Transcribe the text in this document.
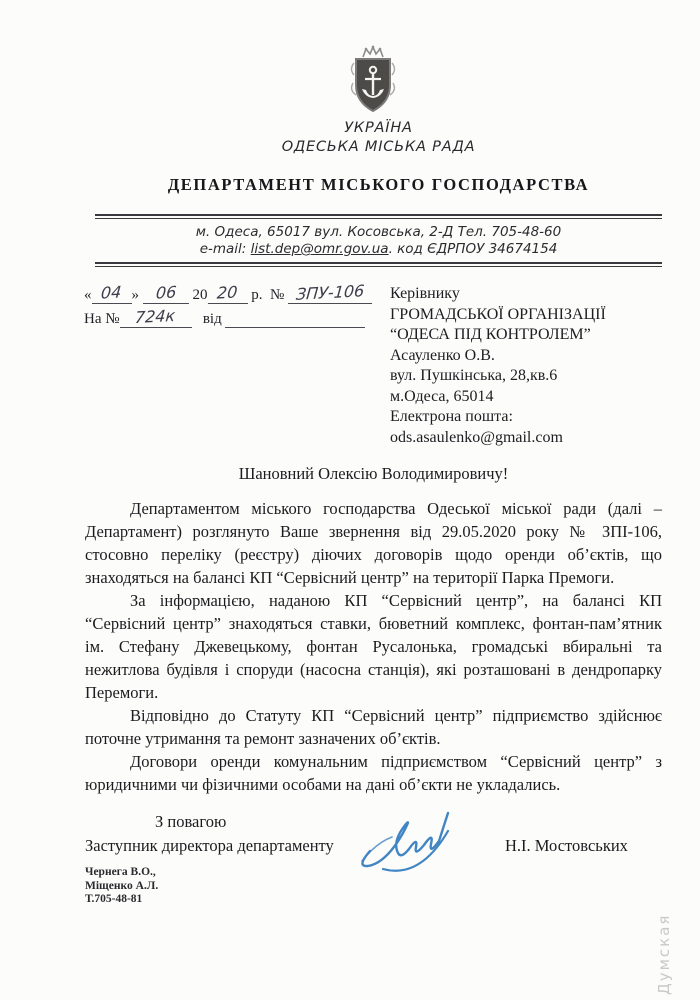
УКРАЇНА
ОДЕСЬКА МІСЬКА РАДА
ДЕПАРТАМЕНТ МІСЬКОГО ГОСПОДАРСТВА
м. Одеса, 65017 вул. Косовська, 2-Д Тел. 705-48-60
e-mail: list.dep@omr.gov.ua. код ЄДРПОУ 34674154
« 04 » 06 20 20 р. № ЗПУ-106
На № 724к від
Керівнику
ГРОМАДСЬКОЇ ОРГАНІЗАЦІЇ
“ОДЕСА ПІД КОНТРОЛЕМ”
Асауленко О.В.
вул. Пушкінська, 28,кв.6
м.Одеса, 65014
Електрона пошта:
ods.asaulenko@gmail.com
Шановний Олексію Володимировичу!

Департаментом міського господарства Одеської міської ради (далі – Департамент) розглянуто Ваше звернення від 29.05.2020 року № ЗПІ-106, стосовно переліку (реєстру) діючих договорів щодо оренди об’єктів, що знаходяться на балансі КП “Сервісний центр” на території Парка Премоги.

За інформацією, наданою КП “Сервісний центр”, на балансі КП “Сервісний центр” знаходяться ставки, бюветний комплекс, фонтан-пам’ятник ім. Стефану Джевецькому, фонтан Русалонька, громадські вбиральні та нежитлова будівля і споруди (насосна станція), які розташовані в дендропарку Перемоги.

Відповідно до Статуту КП “Сервісний центр” підприємство здійснює поточне утримання та ремонт зазначених об’єктів.

Договори оренди комунальним підприємством “Сервісний центр” з юридичними чи фізичними особами на дані об’єкти не укладались.

З повагою
Заступник директора департаменту	Н.І. Мостовських
Чернега В.О.,
Міщенко А.Л.
Т.705-48-81
Думская
